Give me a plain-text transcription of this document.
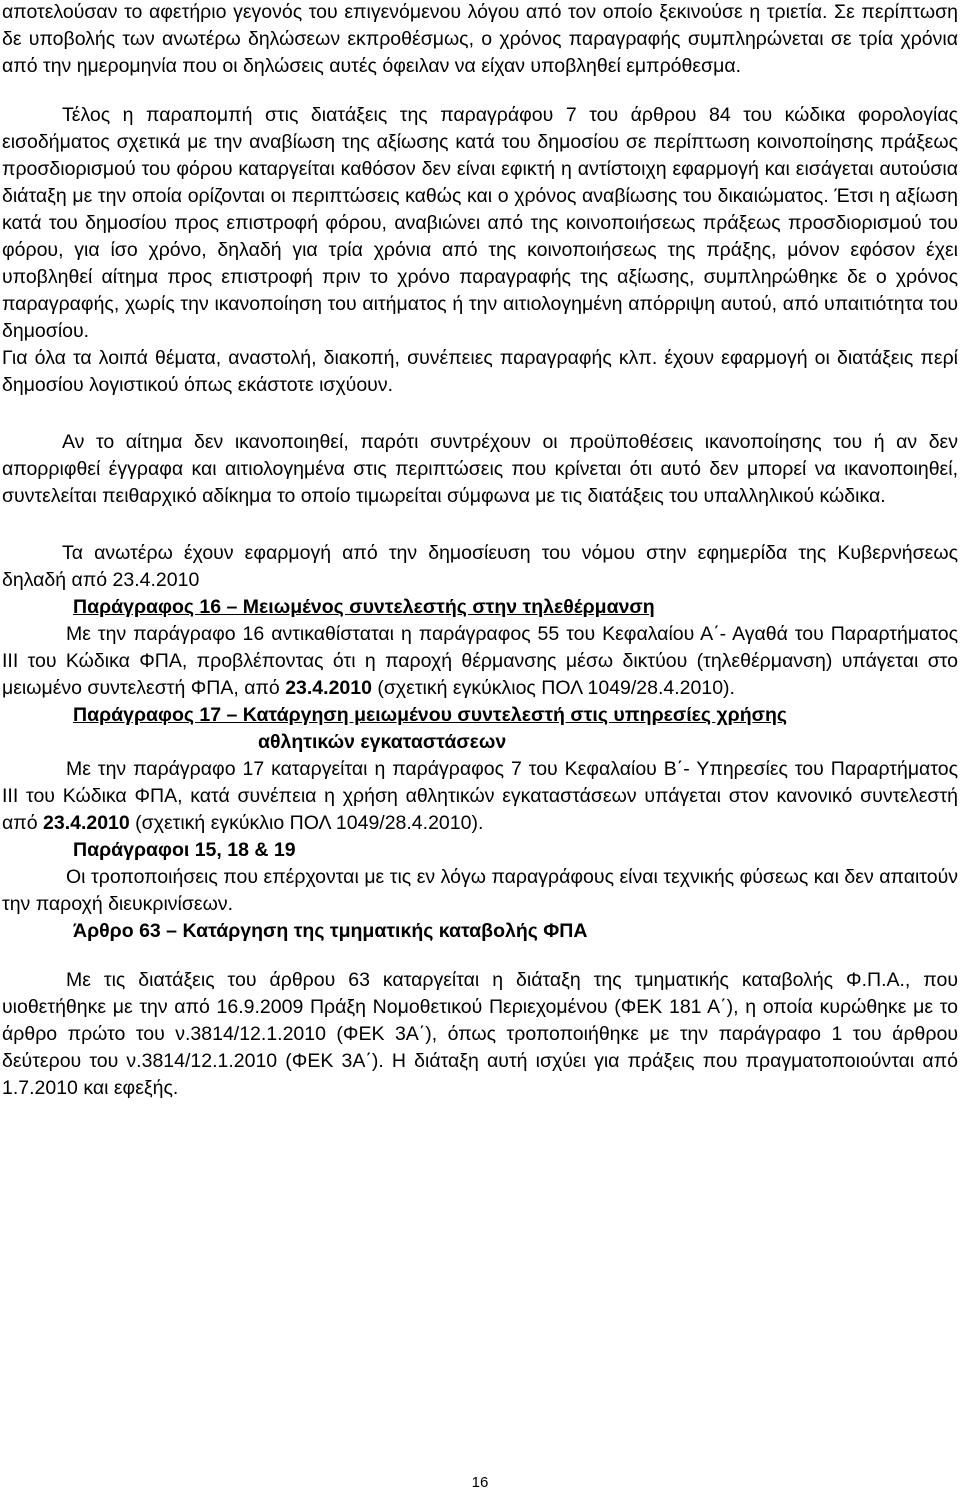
αποτελούσαν το αφετήριο γεγονός του επιγενόμενου λόγου από τον οποίο ξεκινούσε η τριετία. Σε περίπτωση δε υποβολής των ανωτέρω δηλώσεων εκπροθέσμως, ο χρόνος παραγραφής συμπληρώνεται σε τρία χρόνια από την ημερομηνία που οι δηλώσεις αυτές όφειλαν να είχαν υποβληθεί εμπρόθεσμα.

Τέλος η παραπομπή στις διατάξεις της παραγράφου 7 του άρθρου 84 του κώδικα φορολογίας εισοδήματος σχετικά με την αναβίωση της αξίωσης κατά του δημοσίου σε περίπτωση κοινοποίησης πράξεως προσδιορισμού του φόρου καταργείται καθόσον δεν είναι εφικτή η αντίστοιχη εφαρμογή και εισάγεται αυτούσια διάταξη με την οποία ορίζονται οι περιπτώσεις καθώς και ο χρόνος αναβίωσης του δικαιώματος. Έτσι η αξίωση κατά του δημοσίου προς επιστροφή φόρου, αναβιώνει από της κοινοποιήσεως πράξεως προσδιορισμού του φόρου, για ίσο χρόνο, δηλαδή για τρία χρόνια από της κοινοποιήσεως της πράξης, μόνον εφόσον έχει υποβληθεί αίτημα προς επιστροφή πριν το χρόνο παραγραφής της αξίωσης, συμπληρώθηκε δε ο χρόνος παραγραφής, χωρίς την ικανοποίηση του αιτήματος ή την αιτιολογημένη απόρριψη αυτού, από υπαιτιότητα του δημοσίου.

Για όλα τα λοιπά θέματα, αναστολή, διακοπή, συνέπειες παραγραφής κλπ. έχουν εφαρμογή οι διατάξεις περί δημοσίου λογιστικού όπως εκάστοτε ισχύουν.

Αν το αίτημα δεν ικανοποιηθεί, παρότι συντρέχουν οι προϋποθέσεις ικανοποίησης του ή αν δεν απορριφθεί έγγραφα και αιτιολογημένα στις περιπτώσεις που κρίνεται ότι αυτό δεν μπορεί να ικανοποιηθεί, συντελείται πειθαρχικό αδίκημα το οποίο τιμωρείται σύμφωνα με τις διατάξεις του υπαλληλικού κώδικα.

Τα ανωτέρω έχουν εφαρμογή από την δημοσίευση του νόμου στην εφημερίδα της Κυβερνήσεως δηλαδή από 23.4.2010

Παράγραφος 16 – Μειωμένος συντελεστής στην τηλεθέρμανση

Με την παράγραφο 16 αντικαθίσταται η παράγραφος 55 του Κεφαλαίου Α΄- Αγαθά του Παραρτήματος ΙΙΙ του Κώδικα ΦΠΑ, προβλέποντας ότι η παροχή θέρμανσης μέσω δικτύου (τηλεθέρμανση) υπάγεται στο μειωμένο συντελεστή ΦΠΑ, από 23.4.2010 (σχετική εγκύκλιος ΠΟΛ 1049/28.4.2010).

Παράγραφος 17 – Κατάργηση μειωμένου συντελεστή στις υπηρεσίες χρήσης

αθλητικών εγκαταστάσεων

Με την παράγραφο 17 καταργείται η παράγραφος 7 του Κεφαλαίου Β΄- Υπηρεσίες του Παραρτήματος ΙΙΙ του Κώδικα ΦΠΑ, κατά συνέπεια η χρήση αθλητικών εγκαταστάσεων υπάγεται στον κανονικό συντελεστή από 23.4.2010 (σχετική εγκύκλιο ΠΟΛ 1049/28.4.2010).

Παράγραφοι 15, 18 & 19

Οι τροποποιήσεις που επέρχονται με τις εν λόγω παραγράφους είναι τεχνικής φύσεως και δεν απαιτούν την παροχή διευκρινίσεων.

Άρθρο 63 – Κατάργηση της τμηματικής καταβολής ΦΠΑ

Με τις διατάξεις του άρθρου 63 καταργείται η διάταξη της τμηματικής καταβολής Φ.Π.Α., που υιοθετήθηκε με την από 16.9.2009 Πράξη Νομοθετικού Περιεχομένου (ΦΕΚ 181 Α΄), η οποία κυρώθηκε με το άρθρο πρώτο του ν.3814/12.1.2010 (ΦΕΚ 3Α΄), όπως τροποποιήθηκε με την παράγραφο 1 του άρθρου δεύτερου του ν.3814/12.1.2010 (ΦΕΚ 3Α΄). Η διάταξη αυτή ισχύει για πράξεις που πραγματοποιούνται από 1.7.2010 και εφεξής.

16
